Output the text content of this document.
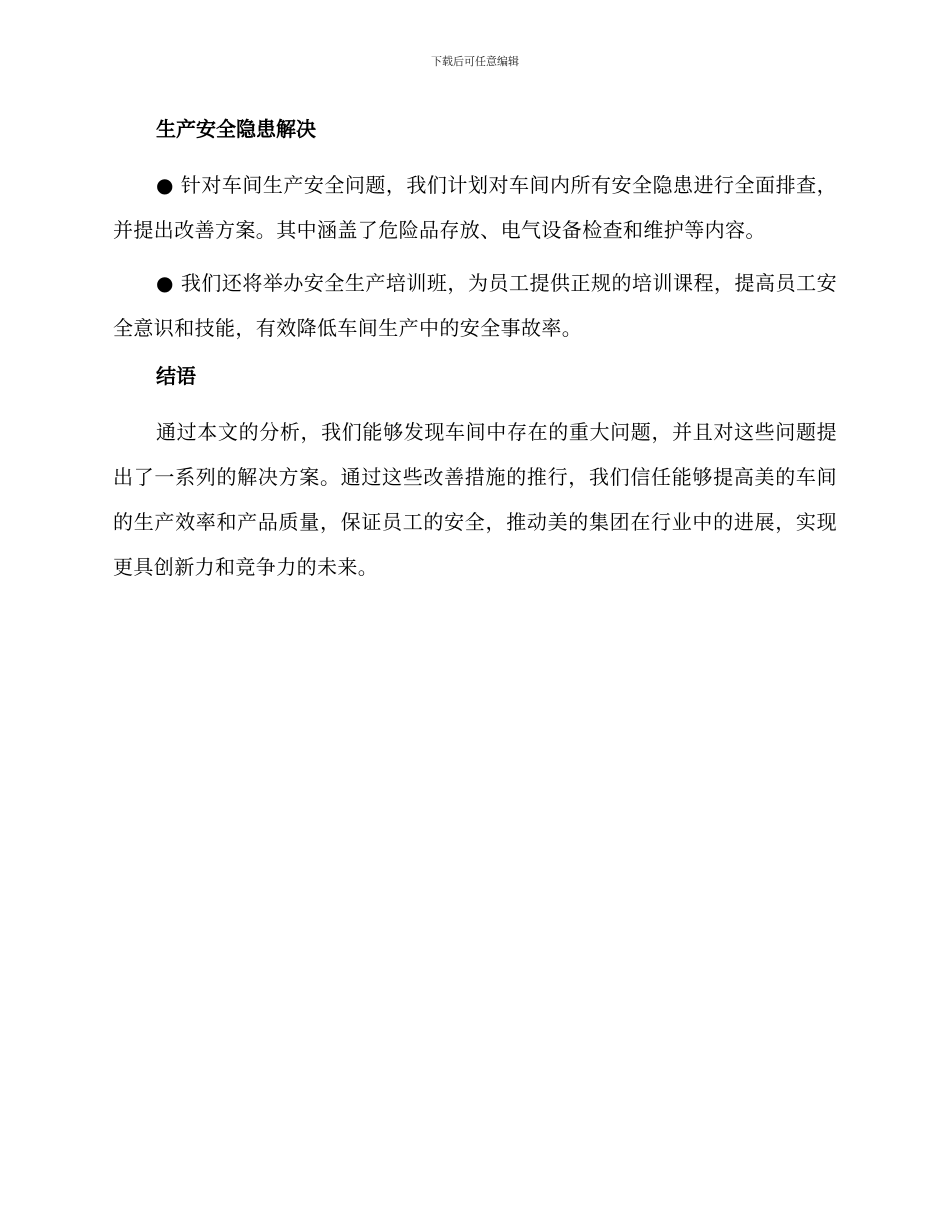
下载后可任意编辑
生产安全隐患解决

● 针对车间生产安全问题，我们计划对车间内所有安全隐患进行全面排查，并提出改善方案。其中涵盖了危险品存放、电气设备检查和维护等内容。

● 我们还将举办安全生产培训班，为员工提供正规的培训课程，提高员工安全意识和技能，有效降低车间生产中的安全事故率。

结语

通过本文的分析，我们能够发现车间中存在的重大问题，并且对这些问题提出了一系列的解决方案。通过这些改善措施的推行，我们信任能够提高美的车间的生产效率和产品质量，保证员工的安全，推动美的集团在行业中的进展，实现更具创新力和竞争力的未来。
